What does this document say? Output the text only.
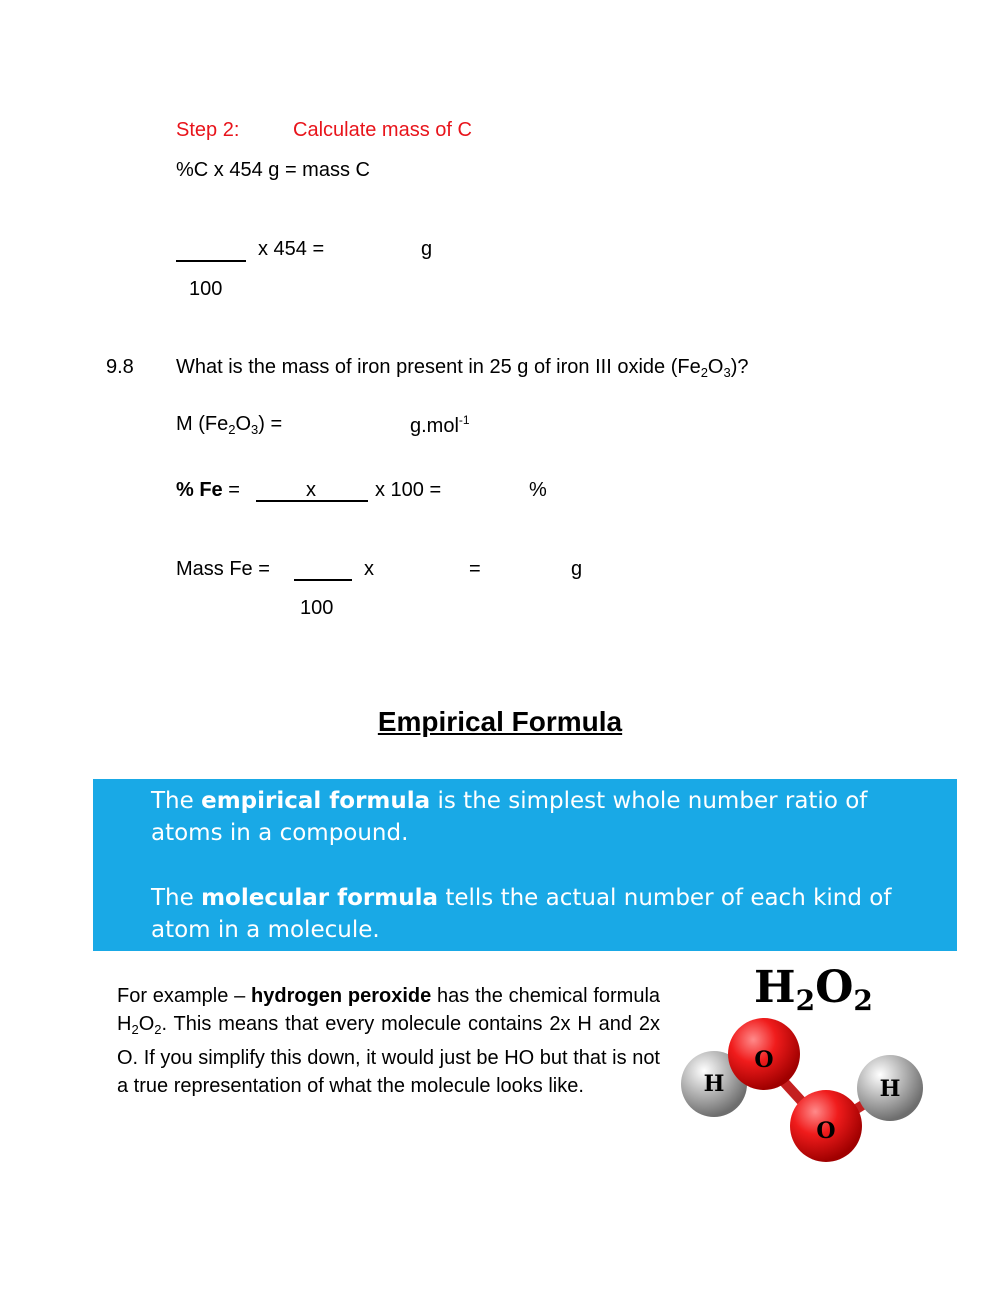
Step 2:	Calculate mass of C
%C x 454 g = mass C
x 454 =	g
100
9.8 What is the mass of iron present in 25 g of iron III oxide $(Fe_2O_3)$?
M $(Fe_2O_3)$ =	g.mol$^{-1}$
% Fe =	x	x 100 =	%
Mass Fe =	x	=	g
100
Empirical Formula

The empirical formula is the simplest whole number ratio of atoms in a compound.

The molecular formula tells the actual number of each kind of atom in a molecule.

For example – hydrogen peroxide has the chemical formula $H_2O_2$. This means that every molecule contains 2x H and 2x O. If you simplify this down, it would just be HO but that is not a true representation of what the molecule looks like.
H2O2
H
O
O
H
